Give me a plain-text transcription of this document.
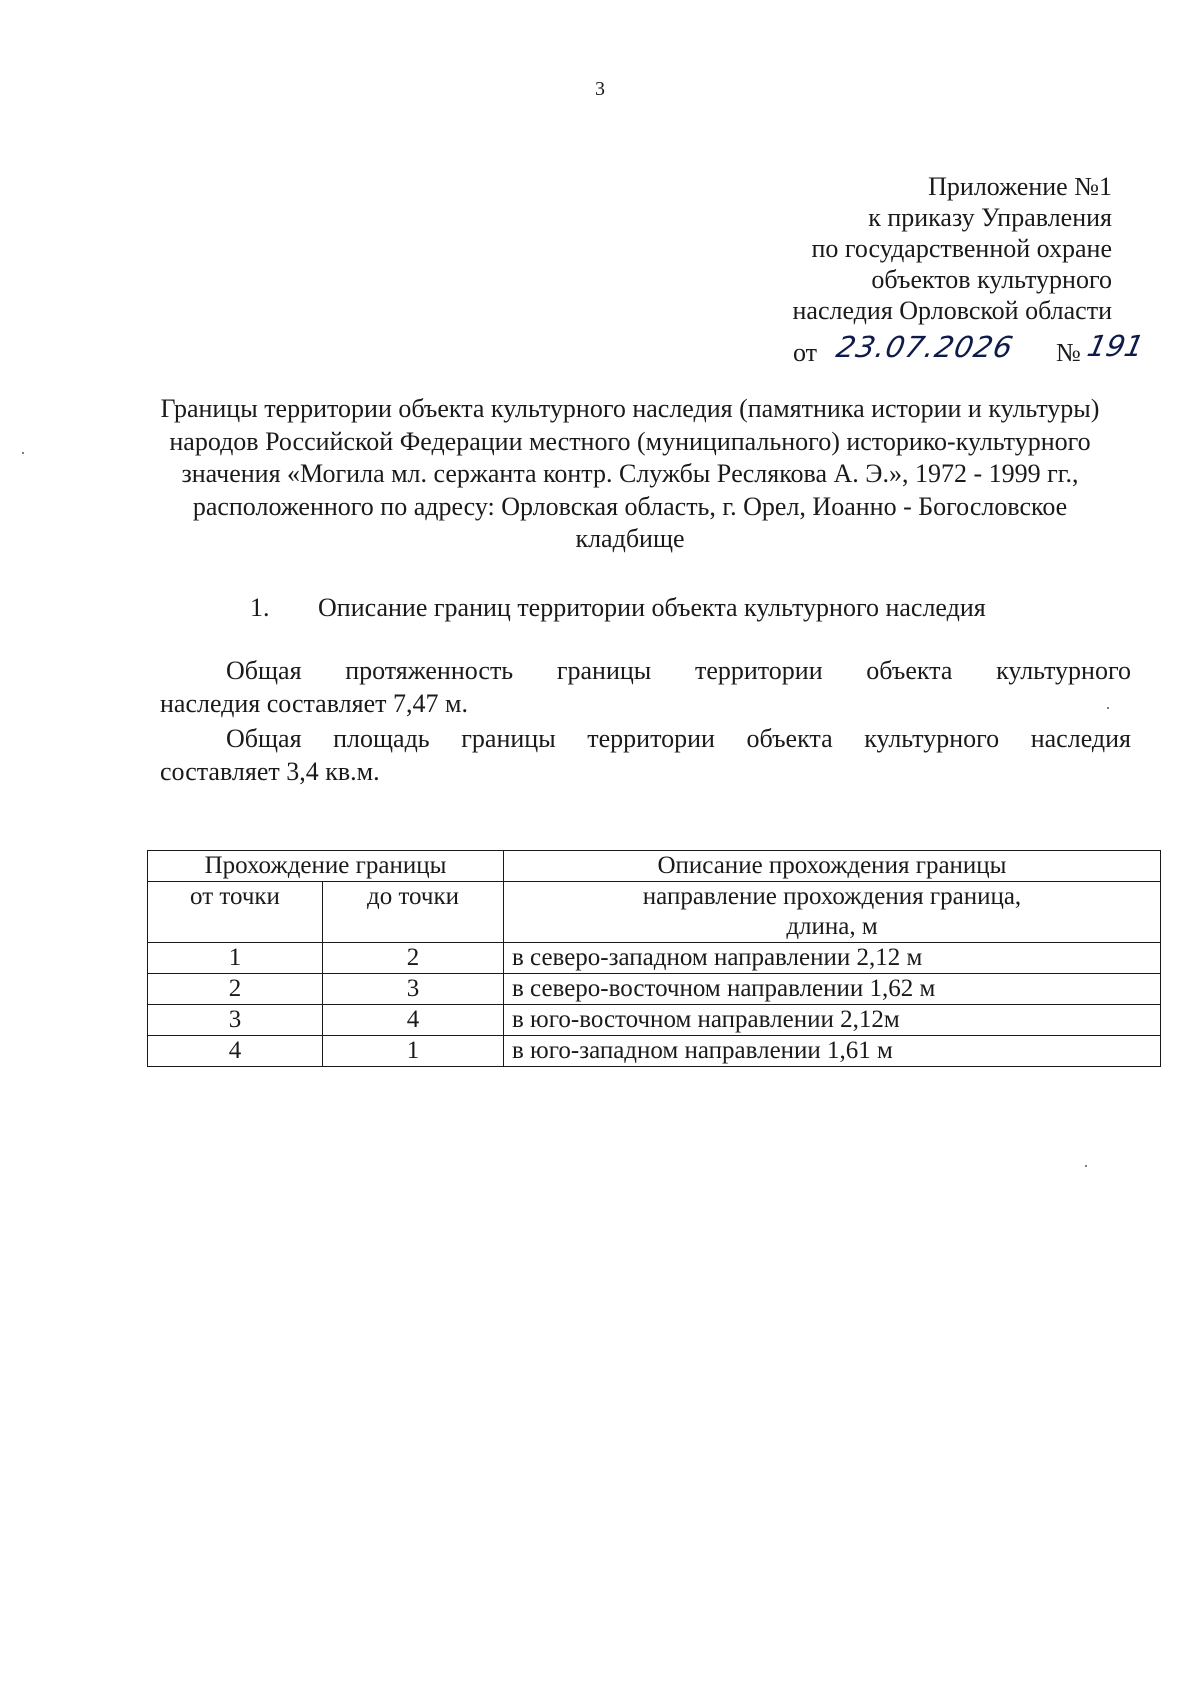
3
Приложение №1
к приказу Управления
по государственной охране
объектов культурного
наследия Орловской области
от 23.07.2026 № 191
Границы территории объекта культурного наследия (памятника истории и культуры) народов Российской Федерации местного (муниципального) историко-культурного значения «Могила мл. сержанта контр. Службы Peслякова А. Э.», 1972 - 1999 гг., расположенного по адресу: Орловская область, г. Орел, Иоанно - Богословское кладбище
1. Описание границ территории объекта культурного наследия
Общая протяженность границы территории объекта культурного
наследия составляет 7,47 м.
Общая площадь границы территории объекта культурного наследия
составляет 3,4 кв.м.
Прохождение границы		Описание прохождения границы
от точки	до точки	направление прохождения граница,
длина, м

1	2	в северо-западном направлении 2,12 м
2	3	в северо-восточном направлении 1,62 м
3	4	в юго-восточном направлении 2,12м
4	1	в юго-западном направлении 1,61 м
